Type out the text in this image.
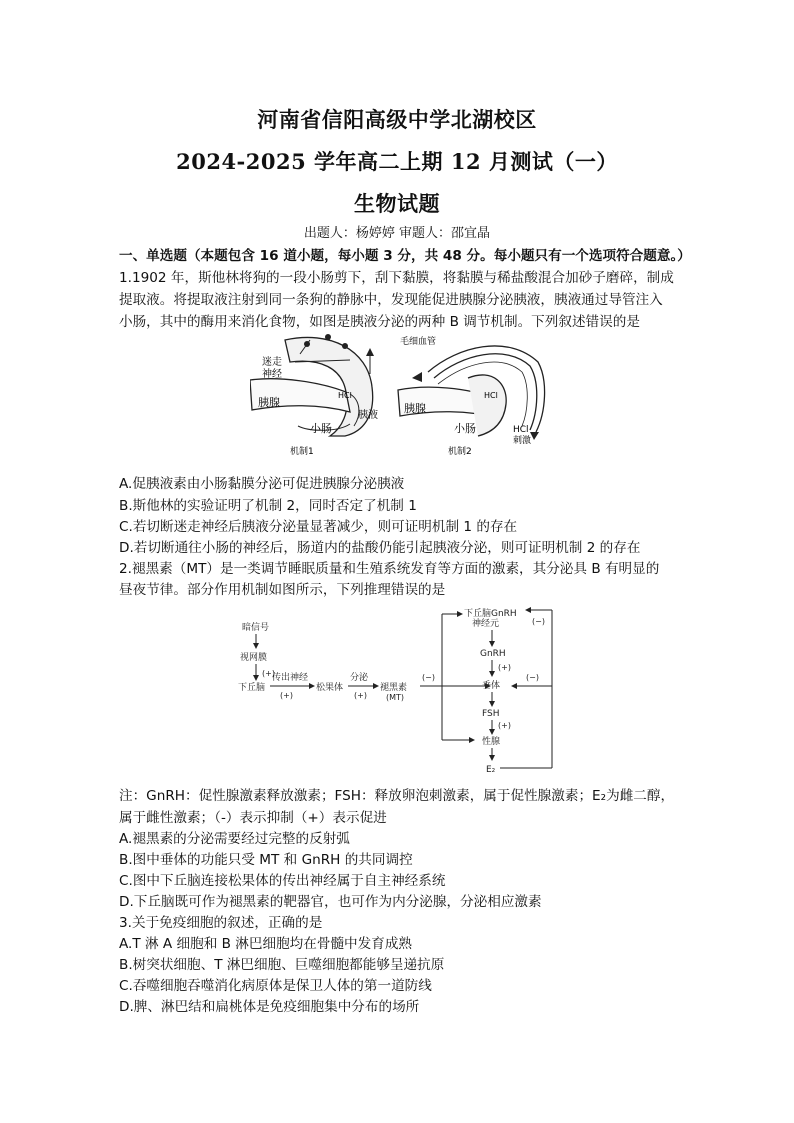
河南省信阳高级中学北湖校区
2024-2025 学年高二上期 12 月测试（一）
生物试题
出题人：杨婷婷 审题人：邵宜晶
一、单选题（本题包含 16 道小题，每小题 3 分，共 48 分。每小题只有一个选项符合题意。）
1.1902 年，斯他林将狗的一段小肠剪下，刮下黏膜，将黏膜与稀盐酸混合加砂子磨碎，制成
提取液。将提取液注射到同一条狗的静脉中，发现能促进胰腺分泌胰液，胰液通过导管注入
小肠，其中的酶用来消化食物，如图是胰液分泌的两种 B 调节机制。下列叙述错误的是
迷走
神经
胰腺
HCl
胰液
小肠
机制1
毛细血管
胰腺
HCl
小肠	HCl
刺激
机制2
A.促胰液素由小肠黏膜分泌可促进胰腺分泌胰液
B.斯他林的实验证明了机制 2，同时否定了机制 1
C.若切断迷走神经后胰液分泌量显著减少，则可证明机制 1 的存在
D.若切断通往小肠的神经后，肠道内的盐酸仍能引起胰液分泌，则可证明机制 2 的存在
2.褪黑素（MT）是一类调节睡眠质量和生殖系统发育等方面的激素，其分泌具 B 有明显的
昼夜节律。部分作用机制如图所示，下列推理错误的是
暗信号
视网膜
(+)
下丘脑
传出神经
(+)
松果体
分泌
(+)
褪黑素
(MT)
(−)
下丘脑GnRH
神经元
GnRH
(+)
垂体
FSH
(+)
性腺
E₂
(−)
(−)
注：GnRH：促性腺激素释放激素；FSH：释放卵泡刺激素，属于促性腺激素；E₂为雌二醇，
属于雌性激素；（-）表示抑制（+）表示促进
A.褪黑素的分泌需要经过完整的反射弧
B.图中垂体的功能只受 MT 和 GnRH 的共同调控
C.图中下丘脑连接松果体的传出神经属于自主神经系统
D.下丘脑既可作为褪黑素的靶器官，也可作为内分泌腺，分泌相应激素
3.关于免疫细胞的叙述，正确的是
A.T 淋 A 细胞和 B 淋巴细胞均在骨髓中发育成熟
B.树突状细胞、T 淋巴细胞、巨噬细胞都能够呈递抗原
C.吞噬细胞吞噬消化病原体是保卫人体的第一道防线
D.脾、淋巴结和扁桃体是免疫细胞集中分布的场所
